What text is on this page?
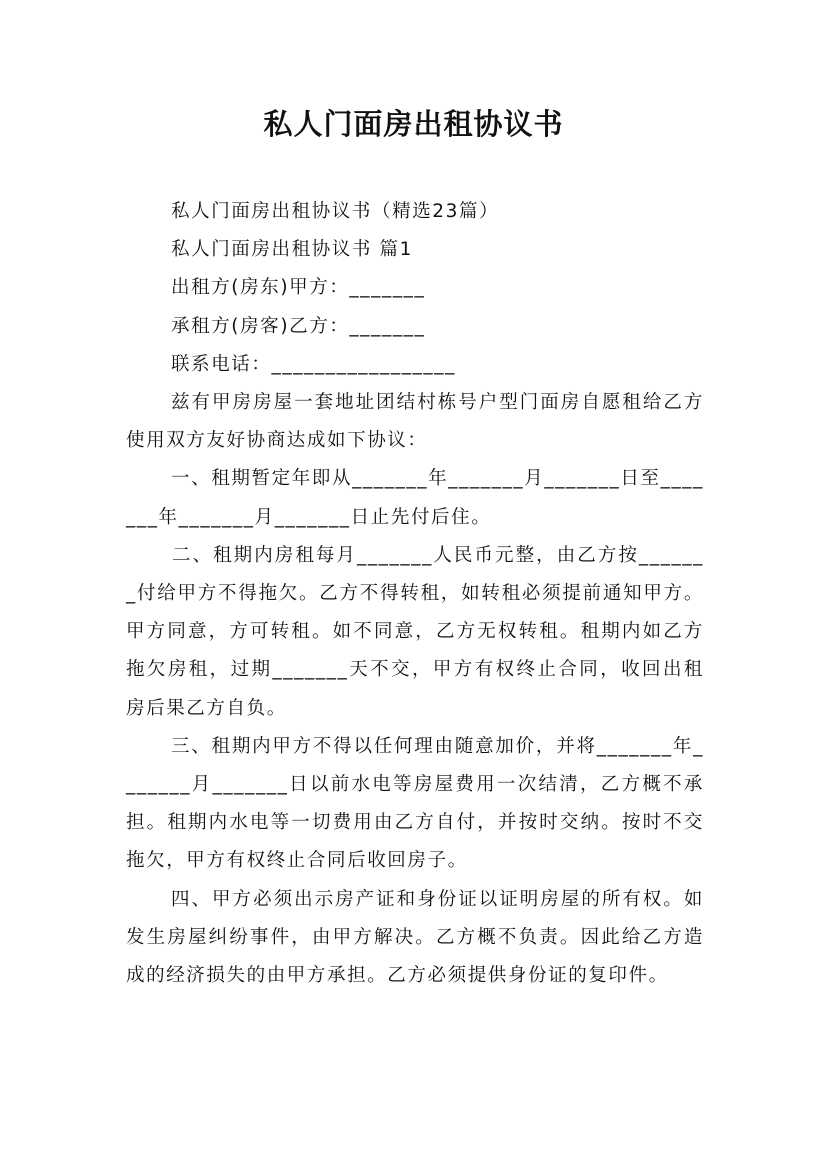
私人门面房出租协议书

私人门面房出租协议书（精选23篇）

私人门面房出租协议书 篇1

出租方(房东)甲方：_______

承租方(房客)乙方：_______

联系电话：_________________

兹有甲房房屋一套地址团结村栋号户型门面房自愿租给乙方使用双方友好协商达成如下协议：

一、租期暂定年即从_______年_______月_______日至_______年_______月_______日止先付后住。

二、租期内房租每月_______人民币元整，由乙方按_______付给甲方不得拖欠。乙方不得转租，如转租必须提前通知甲方。甲方同意，方可转租。如不同意，乙方无权转租。租期内如乙方拖欠房租，过期_______天不交，甲方有权终止合同，收回出租房后果乙方自负。

三、租期内甲方不得以任何理由随意加价，并将_______年_______月_______日以前水电等房屋费用一次结清，乙方概不承担。租期内水电等一切费用由乙方自付，并按时交纳。按时不交拖欠，甲方有权终止合同后收回房子。

四、甲方必须出示房产证和身份证以证明房屋的所有权。如发生房屋纠纷事件，由甲方解决。乙方概不负责。因此给乙方造成的经济损失的由甲方承担。乙方必须提供身份证的复印件。
